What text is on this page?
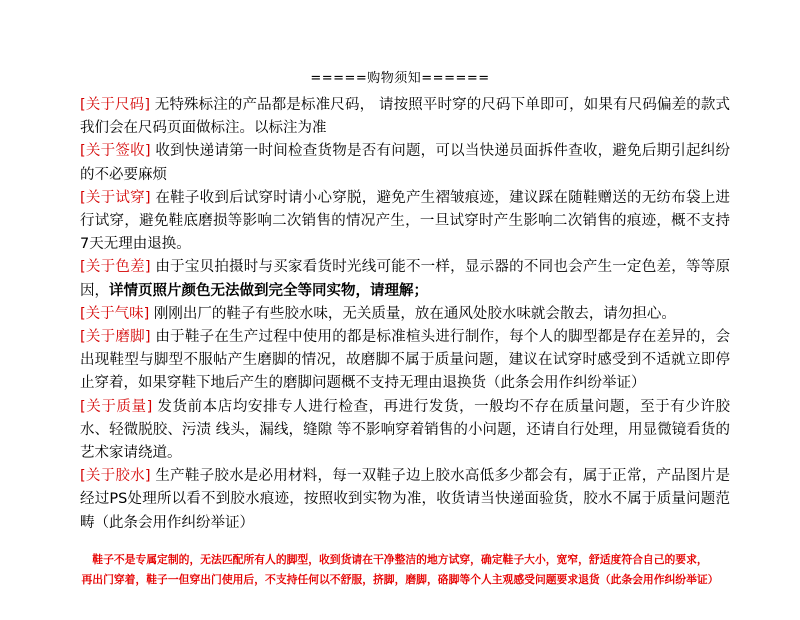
=====购物须知======

[关于尺码] 无特殊标注的产品都是标准尺码， 请按照平时穿的尺码下单即可，如果有尺码偏差的款式我们会在尺码页面做标注。以标注为准

[关于签收] 收到快递请第一时间检查货物是否有问题，可以当快递员面拆件查收，避免后期引起纠纷的不必要麻烦

[关于试穿] 在鞋子收到后试穿时请小心穿脱，避免产生褶皱痕迹，建议踩在随鞋赠送的无纺布袋上进行试穿，避免鞋底磨损等影响二次销售的情况产生，一旦试穿时产生影响二次销售的痕迹，概不支持 7天无理由退换。

[关于色差] 由于宝贝拍摄时与买家看货时光线可能不一样，显示器的不同也会产生一定色差，等等原因，详情页照片颜色无法做到完全等同实物，请理解；

[关于气味] 刚刚出厂的鞋子有些胶水味，无关质量，放在通风处胶水味就会散去，请勿担心。

[关于磨脚] 由于鞋子在生产过程中使用的都是标准楦头进行制作，每个人的脚型都是存在差异的，会出现鞋型与脚型不服帖产生磨脚的情况，故磨脚不属于质量问题，建议在试穿时感受到不适就立即停止穿着，如果穿鞋下地后产生的磨脚问题概不支持无理由退换货（此条会用作纠纷举证）

[关于质量] 发货前本店均安排专人进行检查，再进行发货，一般均不存在质量问题，至于有少许胶水、轻微脱胶、污渍 线头，漏线，缝隙 等不影响穿着销售的小问题，还请自行处理，用显微镜看货的艺术家请绕道。

[关于胶水] 生产鞋子胶水是必用材料，每一双鞋子边上胶水高低多少都会有，属于正常，产品图片是经过PS处理所以看不到胶水痕迹，按照收到实物为准，收货请当快递面验货，胶水不属于质量问题范畴（此条会用作纠纷举证）

鞋子不是专属定制的，无法匹配所有人的脚型，收到货请在干净整洁的地方试穿，确定鞋子大小，宽窄，舒适度符合自己的要求，

再出门穿着，鞋子一但穿出门使用后，不支持任何以不舒服，挤脚，磨脚，硌脚等个人主观感受问题要求退货（此条会用作纠纷举证）
